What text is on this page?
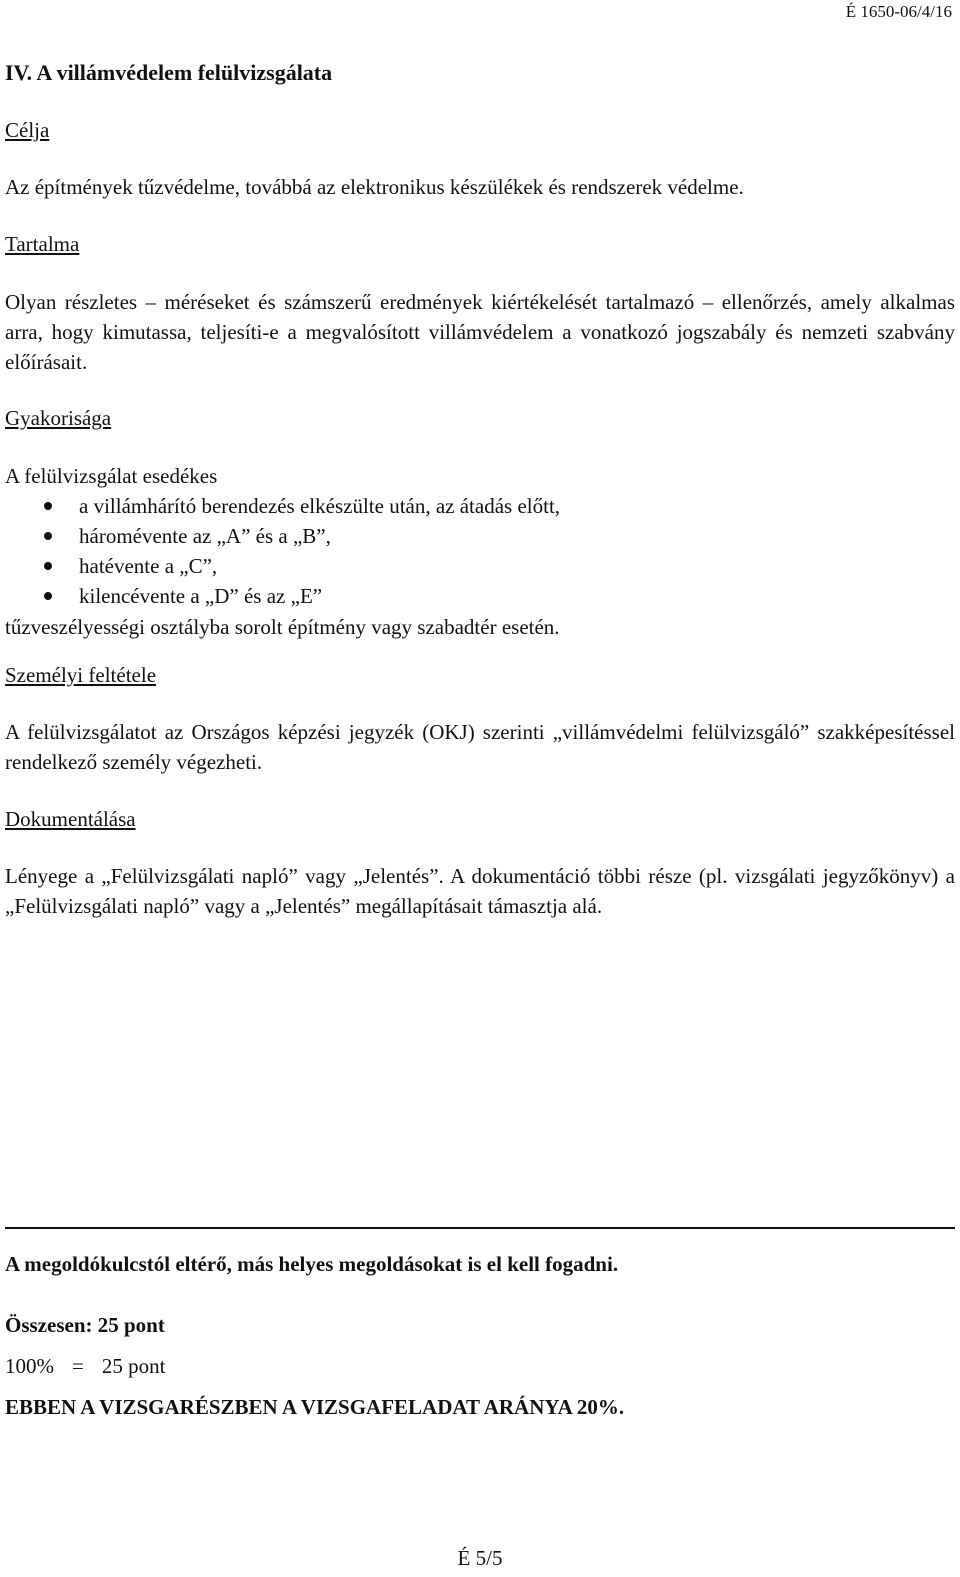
É 1650-06/4/16
IV. A villámvédelem felülvizsgálata
Célja
Az építmények tűzvédelme, továbbá az elektronikus készülékek és rendszerek védelme.
Tartalma
Olyan részletes – méréseket és számszerű eredmények kiértékelését tartalmazó – ellenőrzés, amely alkalmas arra, hogy kimutassa, teljesíti-e a megvalósított villámvédelem a vonatkozó jogszabály és nemzeti szabvány előírásait.
Gyakorisága
A felülvizsgálat esedékes
a villámhárító berendezés elkészülte után, az átadás előtt,
háromévente az „A” és a „B”,
hatévente a „C”,
kilencévente a „D” és az „E”
tűzveszélyességi osztályba sorolt építmény vagy szabadtér esetén.
Személyi feltétele
A felülvizsgálatot az Országos képzési jegyzék (OKJ) szerinti „villámvédelmi felülvizsgáló” szakképesítéssel rendelkező személy végezheti.
Dokumentálása
Lényege a „Felülvizsgálati napló” vagy „Jelentés”. A dokumentáció többi része (pl. vizsgálati jegyzőkönyv) a „Felülvizsgálati napló” vagy a „Jelentés” megállapításait támasztja alá.
A megoldókulcstól eltérő, más helyes megoldásokat is el kell fogadni.
Összesen: 25 pont
100% = 25 pont
EBBEN A VIZSGARÉSZBEN A VIZSGAFELADAT ARÁNYA 20%.
É 5/5
